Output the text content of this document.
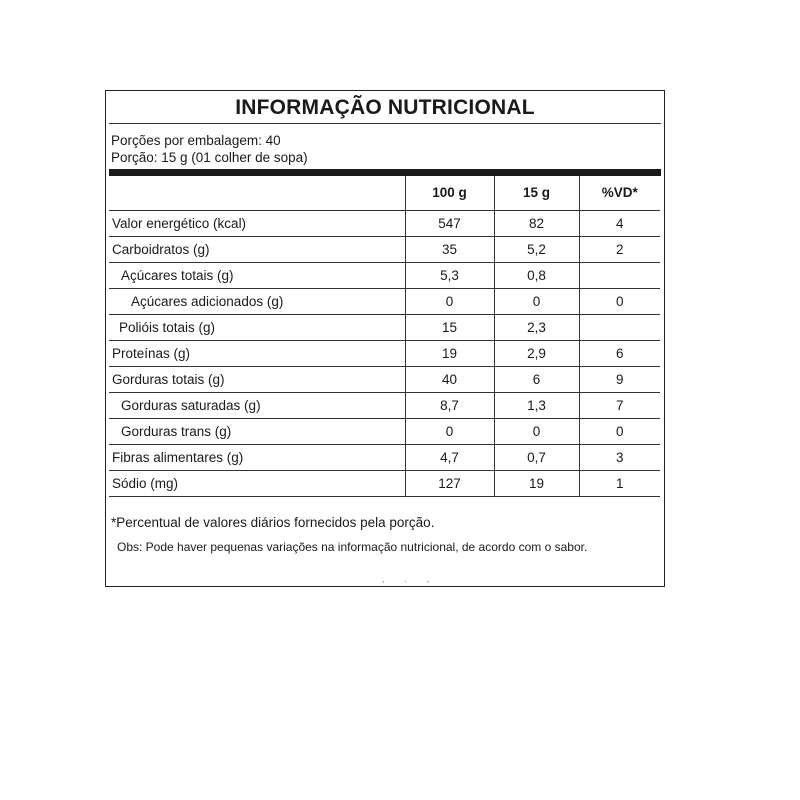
INFORMAÇÃO NUTRICIONAL
Porções por embalagem: 40
Porção: 15 g (01 colher de sopa)
	100 g	15 g	%VD*
Valor energético (kcal)	547	82	4
Carboidratos (g)	35	5,2	2
Açúcares totais (g)	5,3	0,8	
Açúcares adicionados (g)	0	0	0
Polióis totais (g)	15	2,3	
Proteínas (g)	19	2,9	6
Gorduras totais (g)	40	6	9
Gorduras saturadas (g)	8,7	1,3	7
Gorduras trans (g)	0	0	0
Fibras alimentares (g)	4,7	0,7	3
Sódio (mg)	127	19	1
*Percentual de valores diários fornecidos pela porção.
Obs: Pode haver pequenas variações na informação nutricional, de acordo com o sabor.
, . ,
